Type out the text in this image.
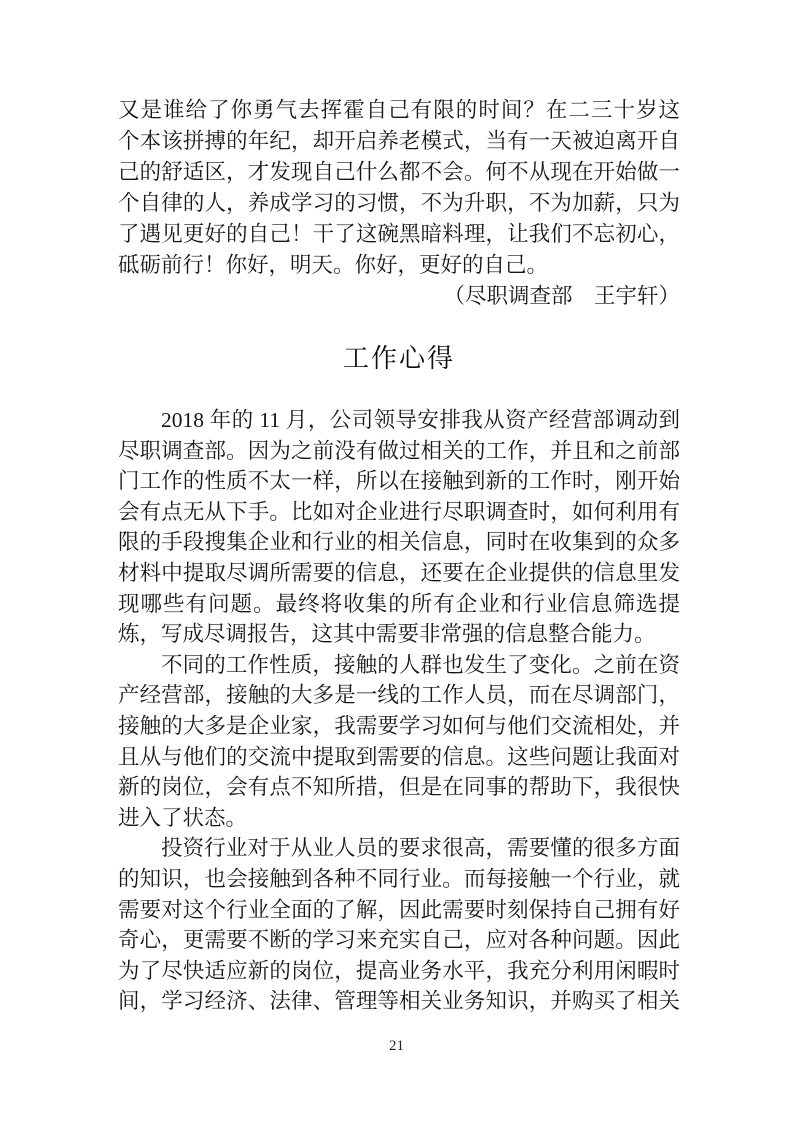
又是谁给了你勇气去挥霍自己有限的时间？在二三十岁这
个本该拼搏的年纪，却开启养老模式，当有一天被迫离开自
己的舒适区，才发现自己什么都不会。何不从现在开始做一
个自律的人，养成学习的习惯，不为升职，不为加薪，只为
了遇见更好的自己！干了这碗黑暗料理，让我们不忘初心，
砥砺前行！你好，明天。你好，更好的自己。
（尽职调查部　王宇轩）
工作心得
2018 年的 11 月，公司领导安排我从资产经营部调动到
尽职调查部。因为之前没有做过相关的工作，并且和之前部
门工作的性质不太一样，所以在接触到新的工作时，刚开始
会有点无从下手。比如对企业进行尽职调查时，如何利用有
限的手段搜集企业和行业的相关信息，同时在收集到的众多
材料中提取尽调所需要的信息，还要在企业提供的信息里发
现哪些有问题。最终将收集的所有企业和行业信息筛选提
炼，写成尽调报告，这其中需要非常强的信息整合能力。
不同的工作性质，接触的人群也发生了变化。之前在资
产经营部，接触的大多是一线的工作人员，而在尽调部门，
接触的大多是企业家，我需要学习如何与他们交流相处，并
且从与他们的交流中提取到需要的信息。这些问题让我面对
新的岗位，会有点不知所措，但是在同事的帮助下，我很快
进入了状态。
投资行业对于从业人员的要求很高，需要懂的很多方面
的知识，也会接触到各种不同行业。而每接触一个行业，就
需要对这个行业全面的了解，因此需要时刻保持自己拥有好
奇心，更需要不断的学习来充实自己，应对各种问题。因此
为了尽快适应新的岗位，提高业务水平，我充分利用闲暇时
间，学习经济、法律、管理等相关业务知识，并购买了相关
21
